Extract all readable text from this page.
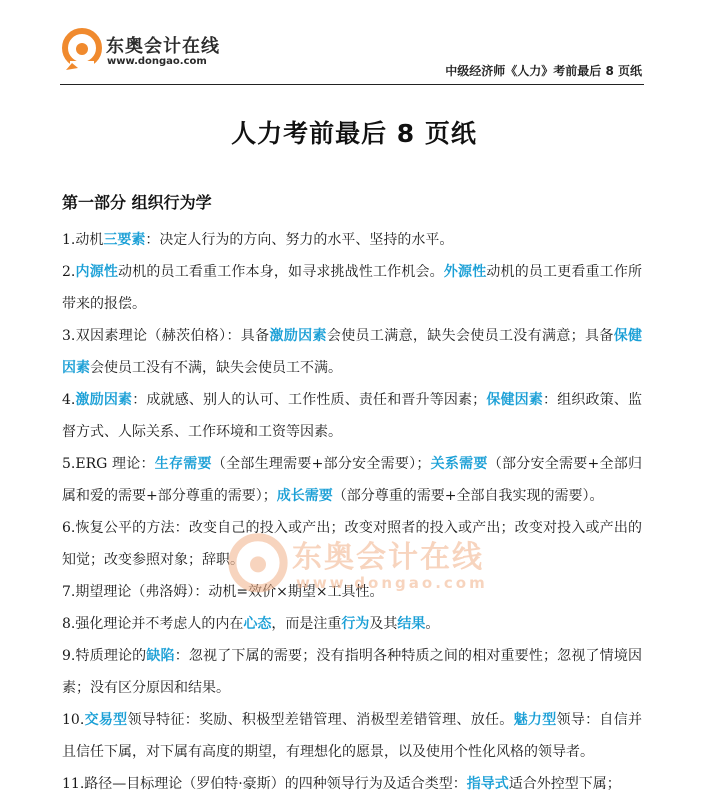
东奥会计在线
www.dongao.com
中级经济师《人力》考前最后 8 页纸
人力考前最后 8 页纸
第一部分 组织行为学

1.动机三要素：决定人行为的方向、努力的水平、坚持的水平。

2.内源性动机的员工看重工作本身，如寻求挑战性工作机会。外源性动机的员工更看重工作所带来的报偿。

3.双因素理论（赫茨伯格）：具备激励因素会使员工满意，缺失会使员工没有满意；具备保健因素会使员工没有不满，缺失会使员工不满。

4.激励因素：成就感、别人的认可、工作性质、责任和晋升等因素；保健因素：组织政策、监督方式、人际关系、工作环境和工资等因素。

5.ERG 理论：生存需要（全部生理需要+部分安全需要）；关系需要（部分安全需要+全部归属和爱的需要+部分尊重的需要）；成长需要（部分尊重的需要+全部自我实现的需要）。

6.恢复公平的方法：改变自己的投入或产出；改变对照者的投入或产出；改变对投入或产出的知觉；改变参照对象；辞职。

7.期望理论（弗洛姆）：动机=效价×期望×工具性。

8.强化理论并不考虑人的内在心态，而是注重行为及其结果。

9.特质理论的缺陷：忽视了下属的需要；没有指明各种特质之间的相对重要性；忽视了情境因素；没有区分原因和结果。

10.交易型领导特征：奖励、积极型差错管理、消极型差错管理、放任。魅力型领导：自信并且信任下属，对下属有高度的期望，有理想化的愿景，以及使用个性化风格的领导者。

11.路径—目标理论（罗伯特·豪斯）的四种领导行为及适合类型：指导式适合外控型下属；

东奥会计在线
www.dongao.com
